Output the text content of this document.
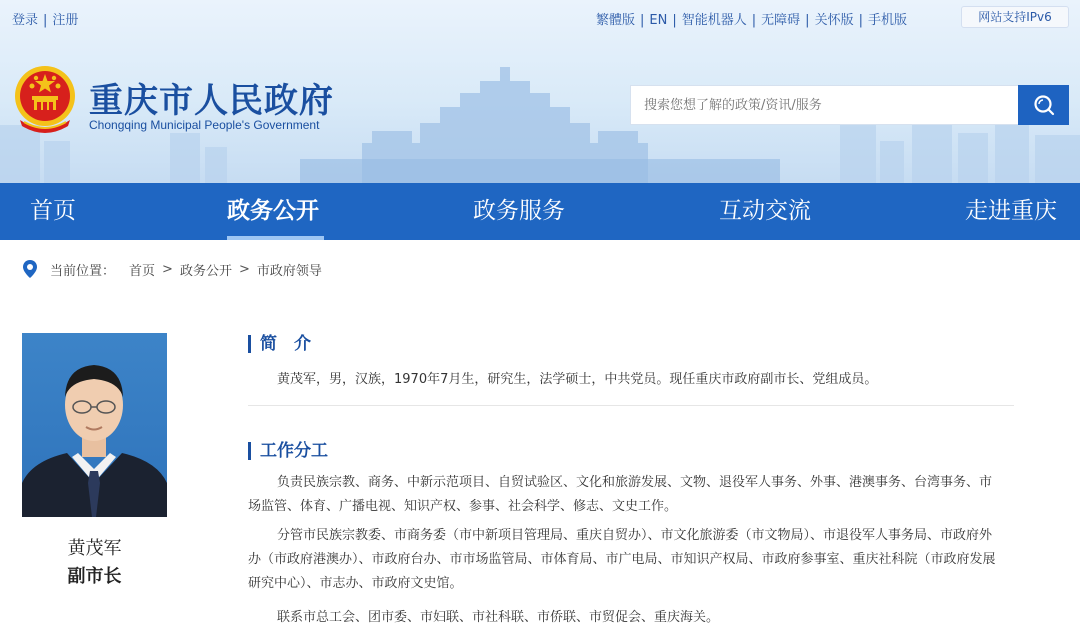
登录 | 注册	繁體版 | EN | 智能机器人 | 无障碍 | 关怀版 | 手机版	网站支持IPv6
重庆市人民政府
Chongqing Municipal People's Government
搜索您想了解的政策/资讯/服务
首页	政务公开	政务服务	互动交流	走进重庆
当前位置： 首页 > 政务公开 > 市政府领导
黄茂军
副市长
简　介
黄茂军，男，汉族，1970年7月生，研究生，法学硕士，中共党员。现任重庆市政府副市长、党组成员。
工作分工
负责民族宗教、商务、中新示范项目、自贸试验区、文化和旅游发展、文物、退役军人事务、外事、港澳事务、台湾事务、市场监管、体育、广播电视、知识产权、参事、社会科学、修志、文史工作。
分管市民族宗教委、市商务委（市中新项目管理局、重庆自贸办）、市文化旅游委（市文物局）、市退役军人事务局、市政府外办（市政府港澳办）、市政府台办、市市场监管局、市体育局、市广电局、市知识产权局、市政府参事室、重庆社科院（市政府发展研究中心）、市志办、市政府文史馆。
联系市总工会、团市委、市妇联、市社科联、市侨联、市贸促会、重庆海关。
